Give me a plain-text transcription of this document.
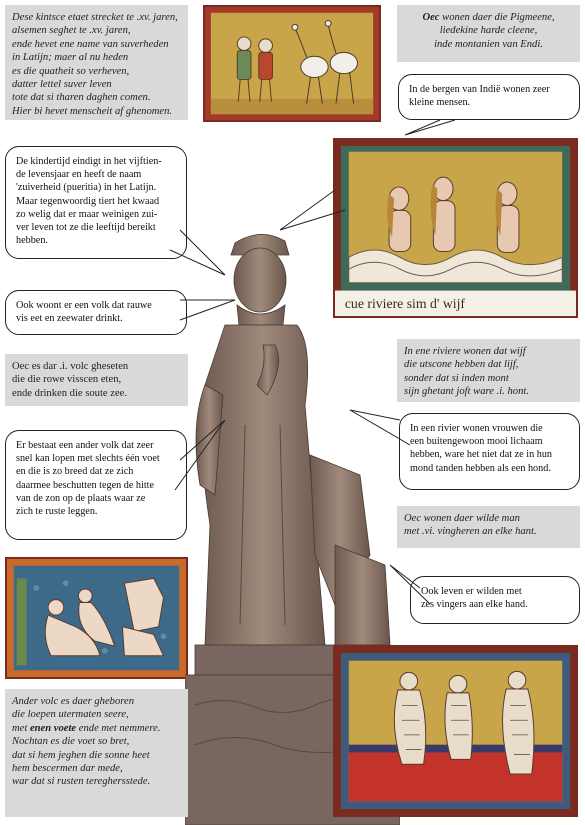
Dese kintsce etaet strecket te .xv. jaren,
alsemen seghet te .xv. jaren,
ende hevet ene name van suverheden
in Latijn; maer al nu heden
es die quatheit so verheven,
datter lettel suver leven
tote dat si tharen daghen comen.
Hier bi hevet menscheit af ghenomen.
Oec wonen daer die Pigmeene,
liedekine harde cleene,
inde montanien van Endi.
In de bergen van Indië wonen zeer
kleine mensen.
cue riviere sim d' wijf
De kindertijd eindigt in het vijftien-
de levensjaar en heeft de naam
'zuiverheid (pueritia) in het Latijn.
Maar tegenwoordig tiert het kwaad
zo welig dat er maar weinigen zui-
ver leven tot ze die leeftijd bereikt
hebben.
Ook woont er een volk dat rauwe
vis eet en zeewater drinkt.
Oec es dar .i. volc gheseten
die die rowe visscen eten,
ende drinken die soute zee.
In ene riviere wonen dat wijf
die utscone hebben dat lijf,
sonder dat si inden mont
sijn ghetant joft ware .i. hont.
In een rivier wonen vrouwen die
een buitengewoon mooi lichaam
hebben, ware het niet dat ze in hun
mond tanden hebben als een hond.
Er bestaat een ander volk dat zeer
snel kan lopen met slechts één voet
en die is zo breed dat ze zich
daarmee beschutten tegen de hitte
van de zon op de plaats waar ze
zich te ruste leggen.
Oec wonen daer wilde man
met .vi. vingheren an elke hant.
Ook leven er wilden met
zes vingers aan elke hand.
Ander volc es daer gheboren
die loepen utermaten seere,
met enen voete ende met nemmere.
Nochtan es die voet so bret,
dat si hem jeghen die sonne heet
hem bescermen dar mede,
war dat si rusten tereghersstede.
